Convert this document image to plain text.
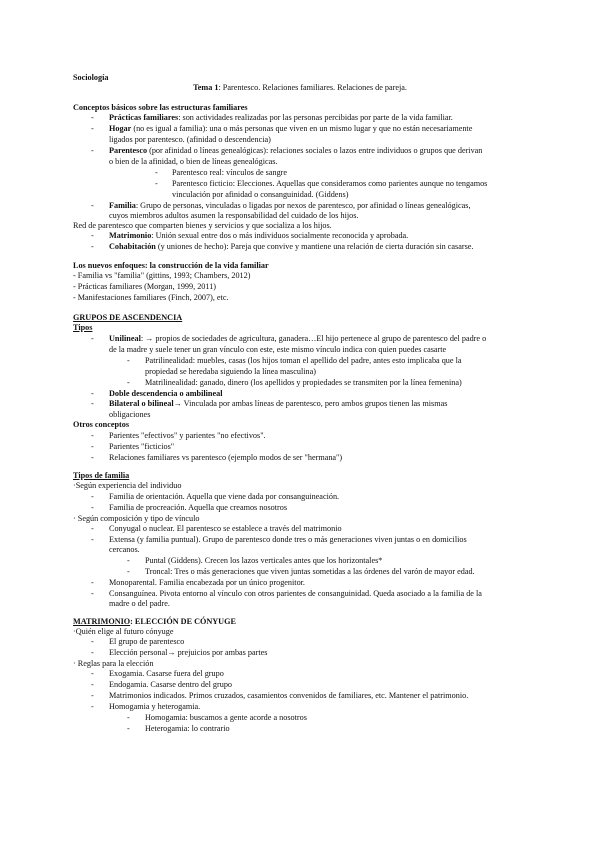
Sociología
Tema 1: Parentesco. Relaciones familiares. Relaciones de pareja.
Conceptos básicos sobre las estructuras familiares
- Prácticas familiares: son actividades realizadas por las personas percibidas por parte de la vida familiar.
- Hogar (no es igual a familia): una o más personas que viven en un mismo lugar y que no están necesariamente
ligados por parentesco. (afinidad o descendencia)
- Parentesco (por afinidad o líneas genealógicas): relaciones sociales o lazos entre individuos o grupos que derivan
o bien de la afinidad, o bien de líneas genealógicas.
- Parentesco real: vínculos de sangre
- Parentesco ficticio: Elecciones. Aquellas que consideramos como parientes aunque no tengamos
vinculación por afinidad o consanguinidad. (Giddens)
- Familia: Grupo de personas, vinculadas o ligadas por nexos de parentesco, por afinidad o líneas genealógicas,
cuyos miembros adultos asumen la responsabilidad del cuidado de los hijos.
Red de parentesco que comparten bienes y servicios y que socializa a los hijos.
- Matrimonio: Unión sexual entre dos o más individuos socialmente reconocida y aprobada.
- Cohabitación (y uniones de hecho): Pareja que convive y mantiene una relación de cierta duración sin casarse.
Los nuevos enfoques: la construcción de la vida familiar
- Familia vs "familia" (gittins, 1993; Chambers, 2012)
- Prácticas familiares (Morgan, 1999, 2011)
- Manifestaciones familiares (Finch, 2007), etc.
GRUPOS DE ASCENDENCIA
Tipos
- Unilineal: → propios de sociedades de agricultura, ganadera…El hijo pertenece al grupo de parentesco del padre o
de la madre y suele tener un gran vínculo con este, este mismo vínculo indica con quien puedes casarte
- Patrilinealidad: muebles, casas (los hijos toman el apellido del padre, antes esto implicaba que la
propiedad se heredaba siguiendo la línea masculina)
- Matrilinealidad: ganado, dinero (los apellidos y propiedades se transmiten por la línea femenina)
- Doble descendencia o ambilineal
- Bilateral o bilineal→ Vinculada por ambas líneas de parentesco, pero ambos grupos tienen las mismas
obligaciones
Otros conceptos
- Parientes "efectivos" y parientes "no efectivos".
- Parientes "ficticios"
- Relaciones familiares vs parentesco (ejemplo modos de ser "hermana")
Tipos de familia
·Según experiencia del individuo
- Familia de orientación. Aquella que viene dada por consanguineación.
- Familia de procreación. Aquella que creamos nosotros
· Según composición y tipo de vínculo
- Conyugal o nuclear. El parentesco se establece a través del matrimonio
- Extensa (y familia puntual). Grupo de parentesco donde tres o más generaciones viven juntas o en domicilios
cercanos.
- Puntal (Giddens). Crecen los lazos verticales antes que los horizontales*
- Troncal: Tres o más generaciones que viven juntas sometidas a las órdenes del varón de mayor edad.
- Monoparental. Familia encabezada por un único progenitor.
- Consanguínea. Pivota entorno al vínculo con otros parientes de consanguinidad. Queda asociado a la familia de la
madre o del padre.
MATRIMONIO: ELECCIÓN DE CÓNYUGE
·Quién elige al futuro cónyuge
- El grupo de parentesco
- Elección personal→ prejuicios por ambas partes
· Reglas para la elección
- Exogamia. Casarse fuera del grupo
- Endogamia. Casarse dentro del grupo
- Matrimonios indicados. Primos cruzados, casamientos convenidos de familiares, etc. Mantener el patrimonio.
- Homogamia y heterogamia.
- Homogamia: buscamos a gente acorde a nosotros
- Heterogamia: lo contrario
